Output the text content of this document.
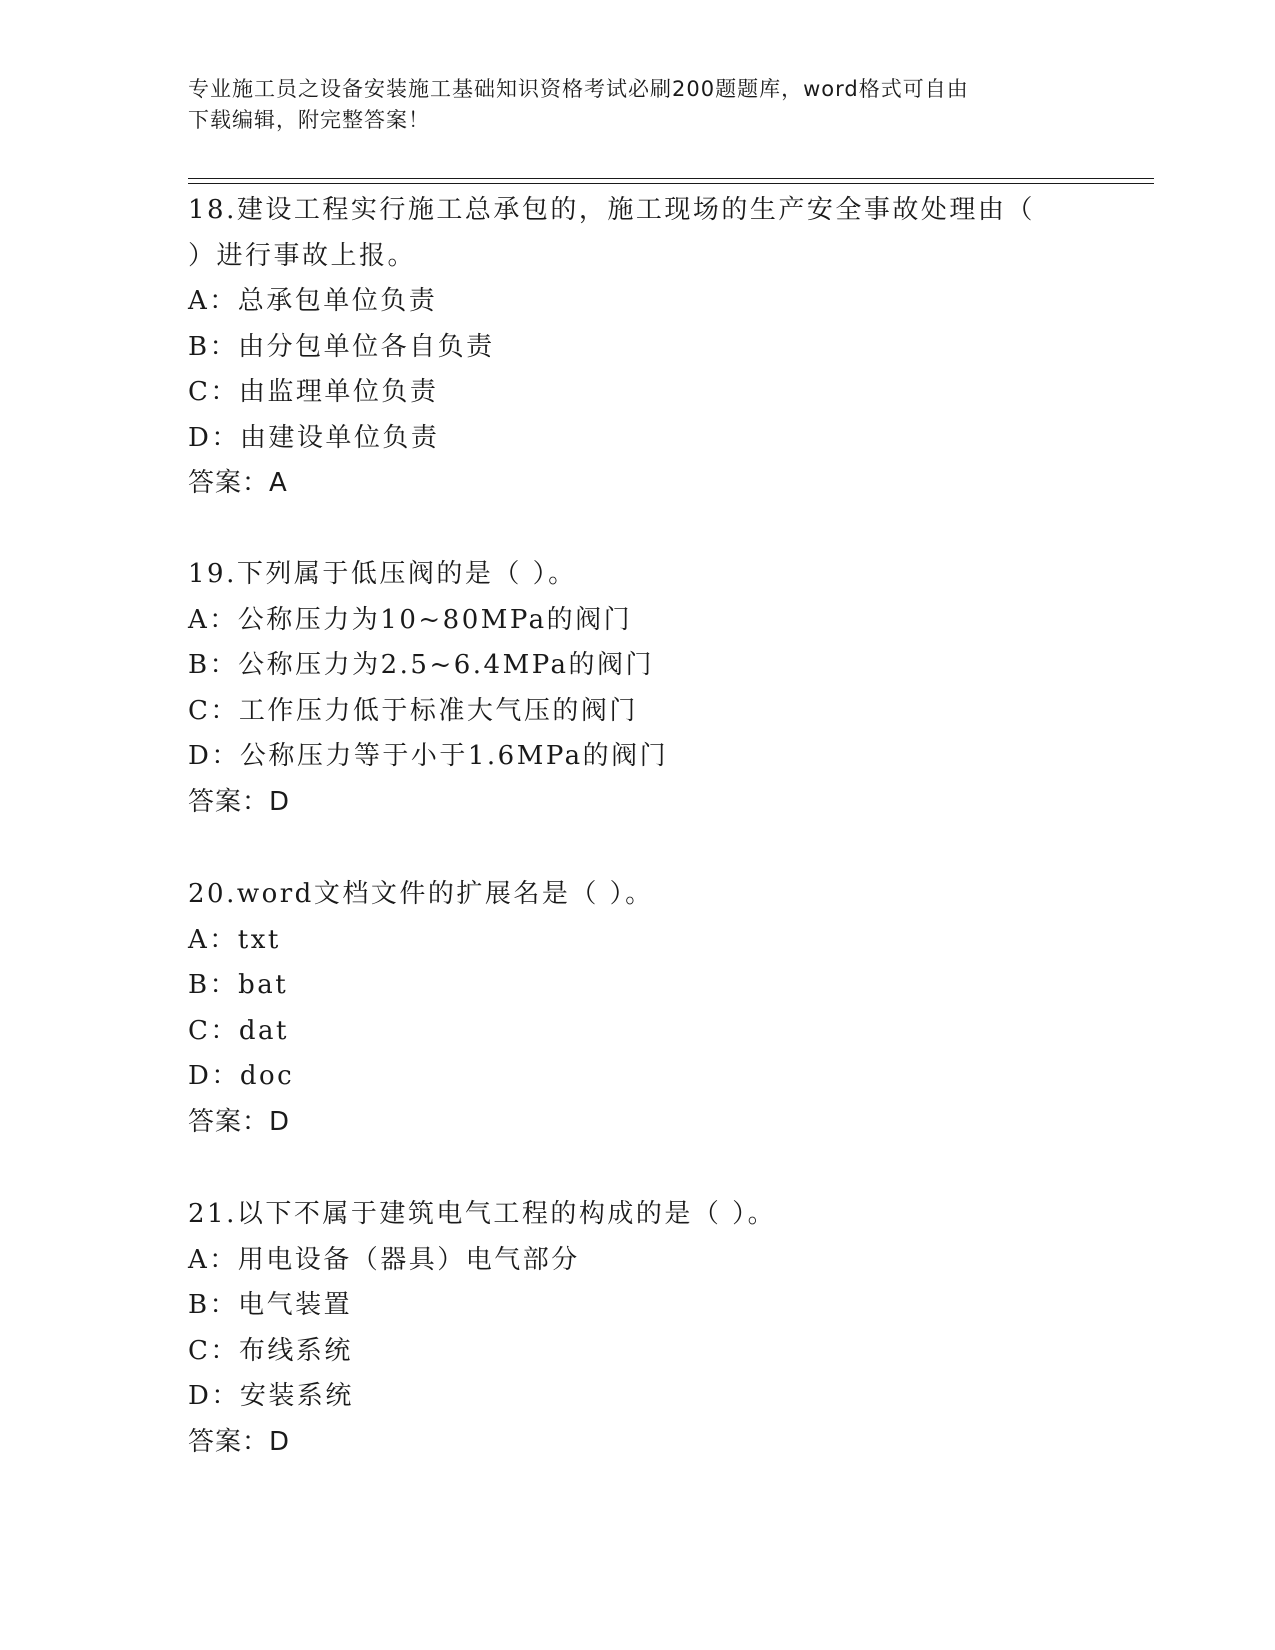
专业施工员之设备安装施工基础知识资格考试必刷200题题库，word格式可自由
下载编辑，附完整答案！
18.建设工程实行施工总承包的，施工现场的生产安全事故处理由（
）进行事故上报。
A：总承包单位负责
B：由分包单位各自负责
C：由监理单位负责
D：由建设单位负责
答案：A
19.下列属于低压阀的是（ ）。
A：公称压力为10~80MPa的阀门
B：公称压力为2.5~6.4MPa的阀门
C：工作压力低于标准大气压的阀门
D：公称压力等于小于1.6MPa的阀门
答案：D
20.word文档文件的扩展名是（ ）。
A：txt
B：bat
C：dat
D：doc
答案：D
21.以下不属于建筑电气工程的构成的是（ ）。
A：用电设备（器具）电气部分
B：电气装置
C：布线系统
D：安装系统
答案：D
